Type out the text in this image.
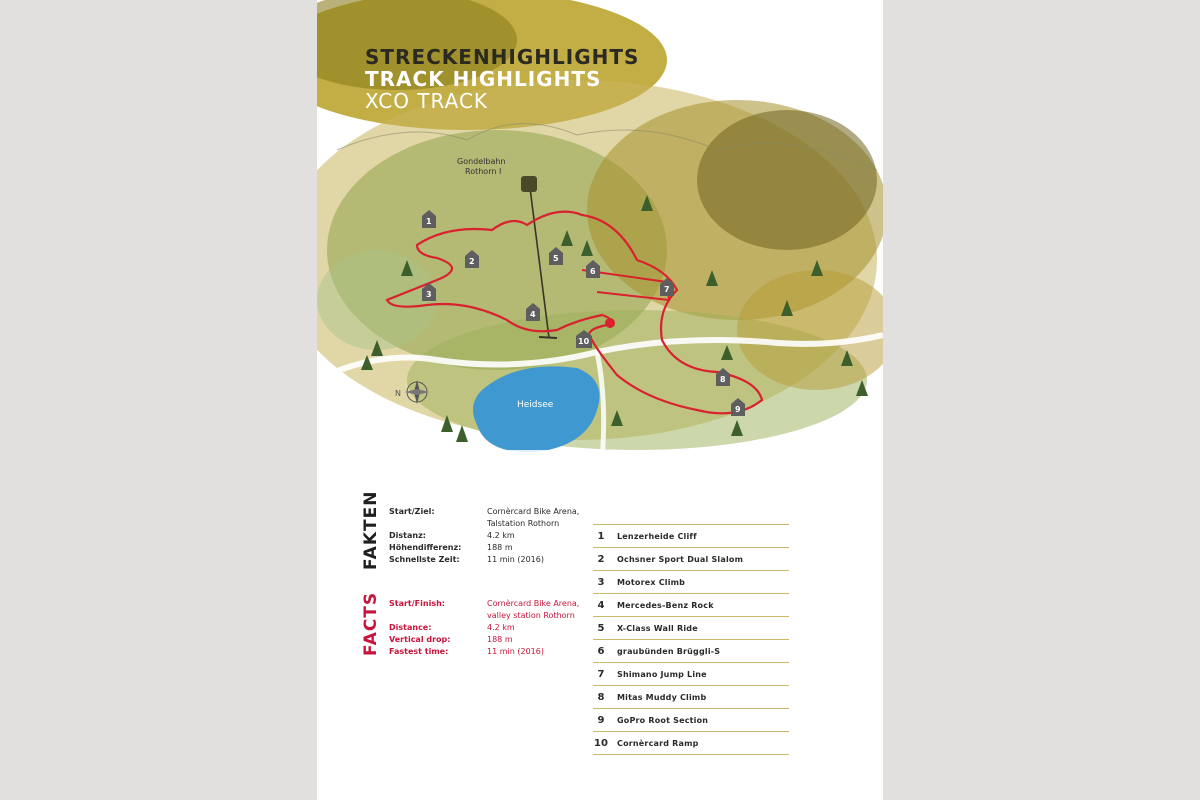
Heidsee
Gondelbahn
Rothorn I
1
2
3
4
5
6
7
8
9
10
N
STRECKENHIGHLIGHTS
TRACK HIGHLIGHTS
XCO TRACK
FAKTEN Start/Ziel:	Cornèrcard Bike Arena,
Talstation Rothorn
Distanz:	4.2 km
Höhendifferenz:	188 m
Schnellste Zeit:	11 min (2016)
FACTS Start/Finish:	Cornèrcard Bike Arena,
valley station Rothorn
Distance:	4.2 km
Vertical drop:	188 m
Fastest time:	11 min (2016)
1	Lenzerheide Cliff
2	Ochsner Sport Dual Slalom
3	Motorex Climb
4	Mercedes-Benz Rock
5	X-Class Wall Ride
6	graubünden Brüggli-S
7	Shimano Jump Line
8	Mitas Muddy Climb
9	GoPro Root Section
10	Cornèrcard Ramp
